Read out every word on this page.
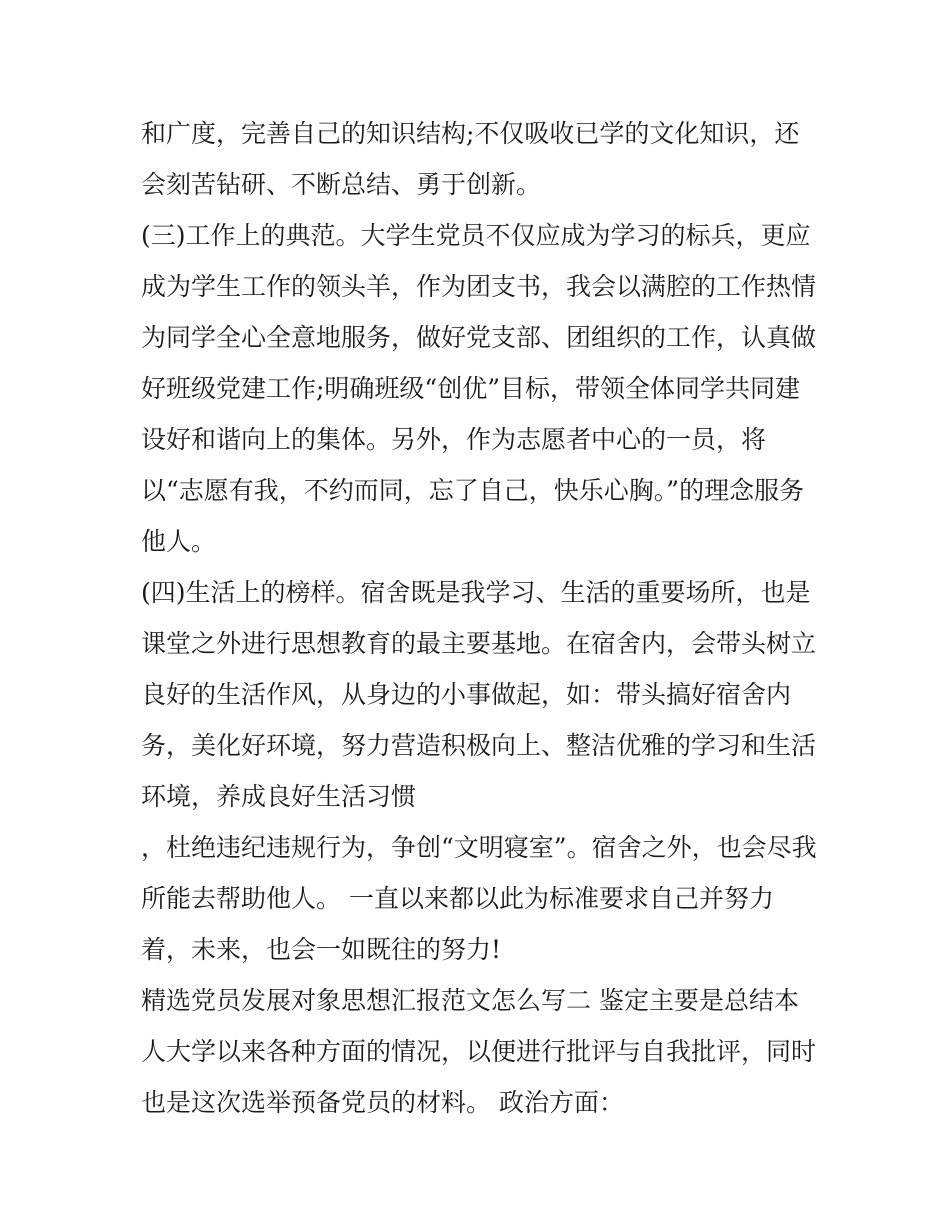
和广度，完善自己的知识结构;不仅吸收已学的文化知识，还
会刻苦钻研、不断总结、勇于创新。
(三)工作上的典范。大学生党员不仅应成为学习的标兵，更应
成为学生工作的领头羊，作为团支书，我会以满腔的工作热情
为同学全心全意地服务，做好党支部、团组织的工作，认真做
好班级党建工作;明确班级“创优”目标，带领全体同学共同建
设好和谐向上的集体。另外，作为志愿者中心的一员，将
以“志愿有我，不约而同，忘了自己，快乐心胸。”的理念服务
他人。
(四)生活上的榜样。宿舍既是我学习、生活的重要场所，也是
课堂之外进行思想教育的最主要基地。在宿舍内，会带头树立
良好的生活作风，从身边的小事做起，如：带头搞好宿舍内
务，美化好环境，努力营造积极向上、整洁优雅的学习和生活
环境，养成良好生活习惯
，杜绝违纪违规行为，争创“文明寝室”。宿舍之外，也会尽我
所能去帮助他人。 一直以来都以此为标准要求自己并努力
着，未来，也会一如既往的努力!
精选党员发展对象思想汇报范文怎么写二 鉴定主要是总结本
人大学以来各种方面的情况，以便进行批评与自我批评，同时
也是这次选举预备党员的材料。 政治方面：
